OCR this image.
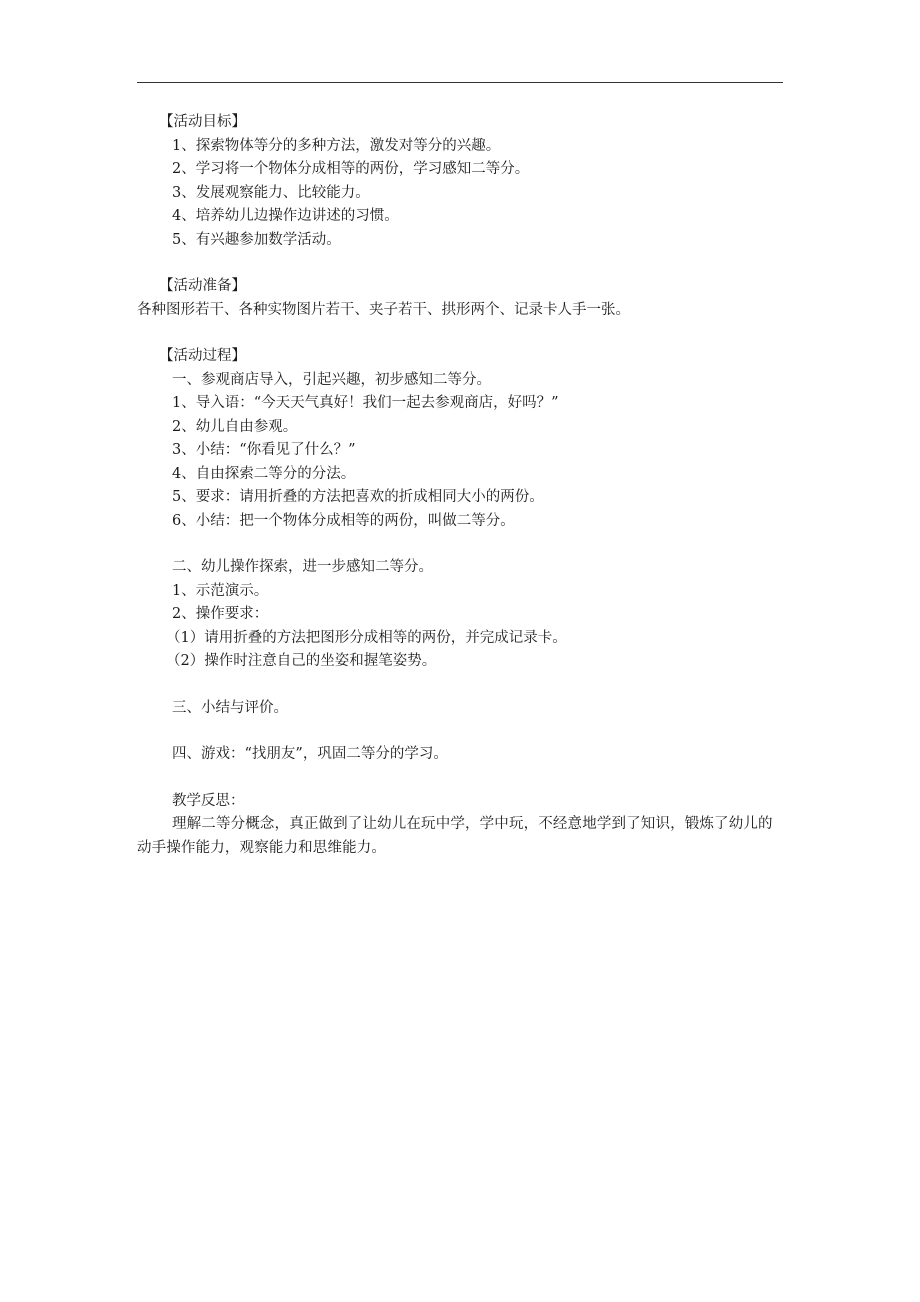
【活动目标】

1、探索物体等分的多种方法，激发对等分的兴趣。

2、学习将一个物体分成相等的两份，学习感知二等分。

3、发展观察能力、比较能力。

4、培养幼儿边操作边讲述的习惯。

5、有兴趣参加数学活动。

【活动准备】

各种图形若干、各种实物图片若干、夹子若干、拱形两个、记录卡人手一张。

【活动过程】

一、参观商店导入，引起兴趣，初步感知二等分。

1、导入语：“今天天气真好！我们一起去参观商店，好吗？”

2、幼儿自由参观。

3、小结：“你看见了什么？”

4、自由探索二等分的分法。

5、要求：请用折叠的方法把喜欢的折成相同大小的两份。

6、小结：把一个物体分成相等的两份，叫做二等分。

二、幼儿操作探索，进一步感知二等分。

1、示范演示。

2、操作要求：

（1）请用折叠的方法把图形分成相等的两份，并完成记录卡。

（2）操作时注意自己的坐姿和握笔姿势。

三、小结与评价。

四、游戏：“找朋友”，巩固二等分的学习。

教学反思：

理解二等分概念，真正做到了让幼儿在玩中学，学中玩，不经意地学到了知识，锻炼了幼儿的动手操作能力，观察能力和思维能力。
